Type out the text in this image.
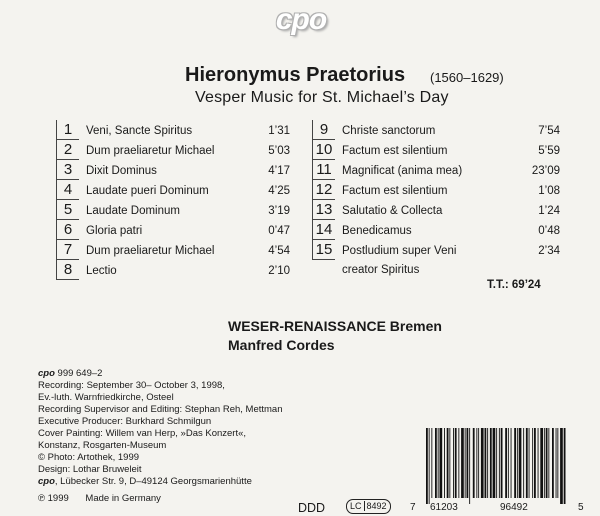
cpo
Hieronymus Praetorius (1560–1629)
Vesper Music for St. Michael’s Day
1	Veni, Sancte Spiritus	1’31
2	Dum praeliaretur Michael	5’03
3	Dixit Dominus	4’17
4	Laudate pueri Dominum	4’25
5	Laudate Dominum	3’19
6	Gloria patri	0’47
7	Dum praeliaretur Michael	4’54
8	Lectio	2’10
9	Christe sanctorum	7’54
10 Factum est silentium	5’59
11 Magnificat (anima mea)	23’09
12 Factum est silentium	1’08
13 Salutatio & Collecta	1’24
14 Benedicamus	0’48
15 Postludium super Veni	2’34
creator Spiritus
T.T.: 69’24
WESER-RENAISSANCE Bremen
Manfred Cordes
cpo 999 649–2
Recording: September 30– October 3, 1998,
Ev.-luth. Warnfriedkirche, Osteel
Recording Supervisor and Editing: Stephan Reh, Mettman
Executive Producer: Burkhard Schmilgun
Cover Painting: Willem van Herp, »Das Konzert«,
Konstanz, Rosgarten-Museum
© Photo: Artothek, 1999
Design: Lothar Bruweleit
cpo, Lübecker Str. 9, D–49124 Georgsmarienhütte
℗ 1999 Made in Germany
DDD	LC 8492	7 61203	96492	5
